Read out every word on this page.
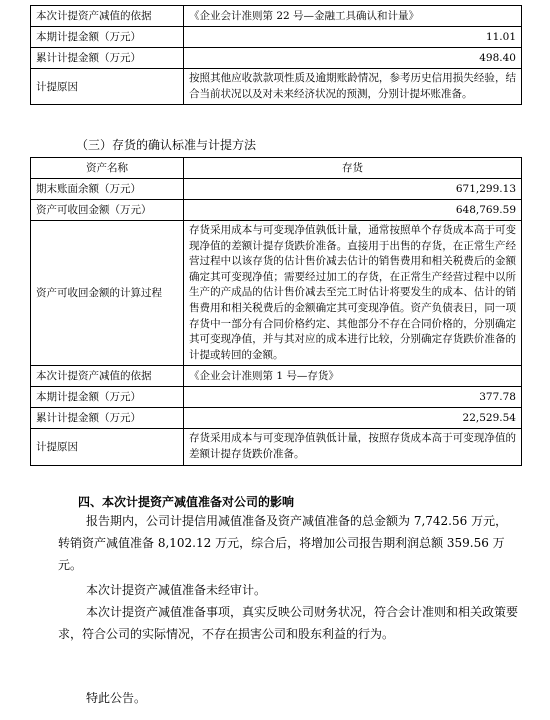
本次计提资产减值的依据	《企业会计准则第 22 号—金融工具确认和计量》
本期计提金额（万元）	11.01
累计计提金额（万元）	498.40
计提原因	按照其他应收款款项性质及逾期账龄情况，参考历史信用损失经验，结合当前状况以及对未来经济状况的预测，分别计提坏账准备。
（三）存货的确认标准与计提方法
资产名称	存货
期末账面余额（万元）	671,299.13
资产可收回金额（万元）	648,769.59
资产可收回金额的计算过程	存货采用成本与可变现净值孰低计量，通常按照单个存货成本高于可变现净值的差额计提存货跌价准备。直接用于出售的存货，在正常生产经营过程中以该存货的估计售价减去估计的销售费用和相关税费后的金额确定其可变现净值；需要经过加工的存货，在正常生产经营过程中以所生产的产成品的估计售价减去至完工时估计将要发生的成本、估计的销售费用和相关税费后的金额确定其可变现净值。资产负债表日，同一项存货中一部分有合同价格约定、其他部分不存在合同价格的，分别确定其可变现净值，并与其对应的成本进行比较，分别确定存货跌价准备的计提或转回的金额。
本次计提资产减值的依据	《企业会计准则第 1 号—存货》
本期计提金额（万元）	377.78
累计计提金额（万元）	22,529.54
计提原因	存货采用成本与可变现净值孰低计量，按照存货成本高于可变现净值的差额计提存货跌价准备。
四、本次计提资产减值准备对公司的影响
报告期内，公司计提信用减值准备及资产减值准备的总金额为 7,742.56 万元，转销资产减值准备 8,102.12 万元，综合后，将增加公司报告期利润总额 359.56 万元。
本次计提资产减值准备未经审计。
本次计提资产减值准备事项，真实反映公司财务状况，符合会计准则和相关政策要求，符合公司的实际情况，不存在损害公司和股东利益的行为。
特此公告。
